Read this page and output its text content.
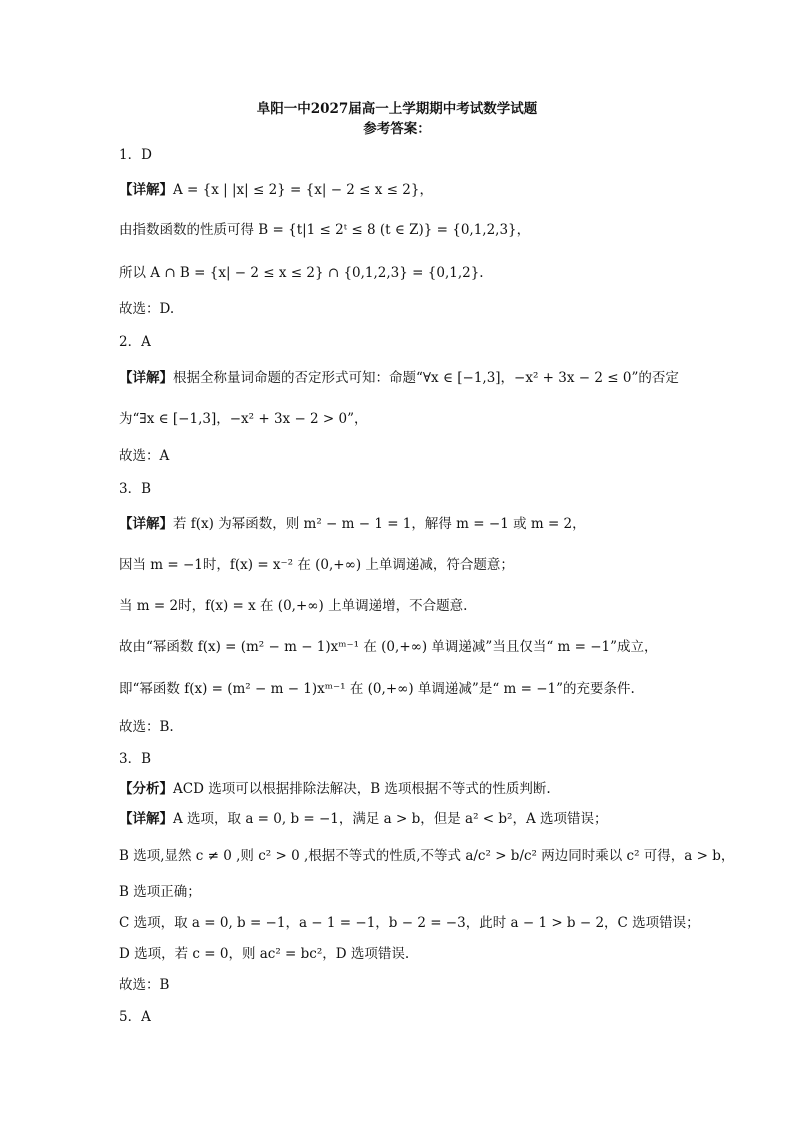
阜阳一中2027届高一上学期期中考试数学试题
参考答案：
1．D
【详解】A = {x | |x| ≤ 2} = {x| − 2 ≤ x ≤ 2}，
由指数函数的性质可得 B = {t|1 ≤ 2ᵗ ≤ 8 (t ∈ Z)} = {0,1,2,3}，
所以 A ∩ B = {x| − 2 ≤ x ≤ 2} ∩ {0,1,2,3} = {0,1,2}.
故选：D.
2．A
【详解】根据全称量词命题的否定形式可知：命题“∀x ∈ [−1,3]，−x² + 3x − 2 ≤ 0”的否定
为“∃x ∈ [−1,3]，−x² + 3x − 2 > 0”，
故选：A
3．B
【详解】若 f(x) 为幂函数，则 m² − m − 1 = 1，解得 m = −1 或 m = 2，
因当 m = −1时，f(x) = x⁻² 在 (0,+∞) 上单调递减，符合题意；
当 m = 2时，f(x) = x 在 (0,+∞) 上单调递增，不合题意.
故由“幂函数 f(x) = (m² − m − 1)xᵐ⁻¹ 在 (0,+∞) 单调递减”当且仅当“ m = −1”成立，
即“幂函数 f(x) = (m² − m − 1)xᵐ⁻¹ 在 (0,+∞) 单调递减”是“ m = −1”的充要条件.
故选：B.
3．B
【分析】ACD 选项可以根据排除法解决，B 选项根据不等式的性质判断.
【详解】A 选项，取 a = 0, b = −1，满足 a > b，但是 a² < b²，A 选项错误；
B 选项,显然 c ≠ 0 ,则 c² > 0 ,根据不等式的性质,不等式 a/c² > b/c² 两边同时乘以 c² 可得，a > b，
B 选项正确；
C 选项，取 a = 0, b = −1，a − 1 = −1，b − 2 = −3，此时 a − 1 > b − 2，C 选项错误；
D 选项，若 c = 0，则 ac² = bc²，D 选项错误.
故选：B
5．A
